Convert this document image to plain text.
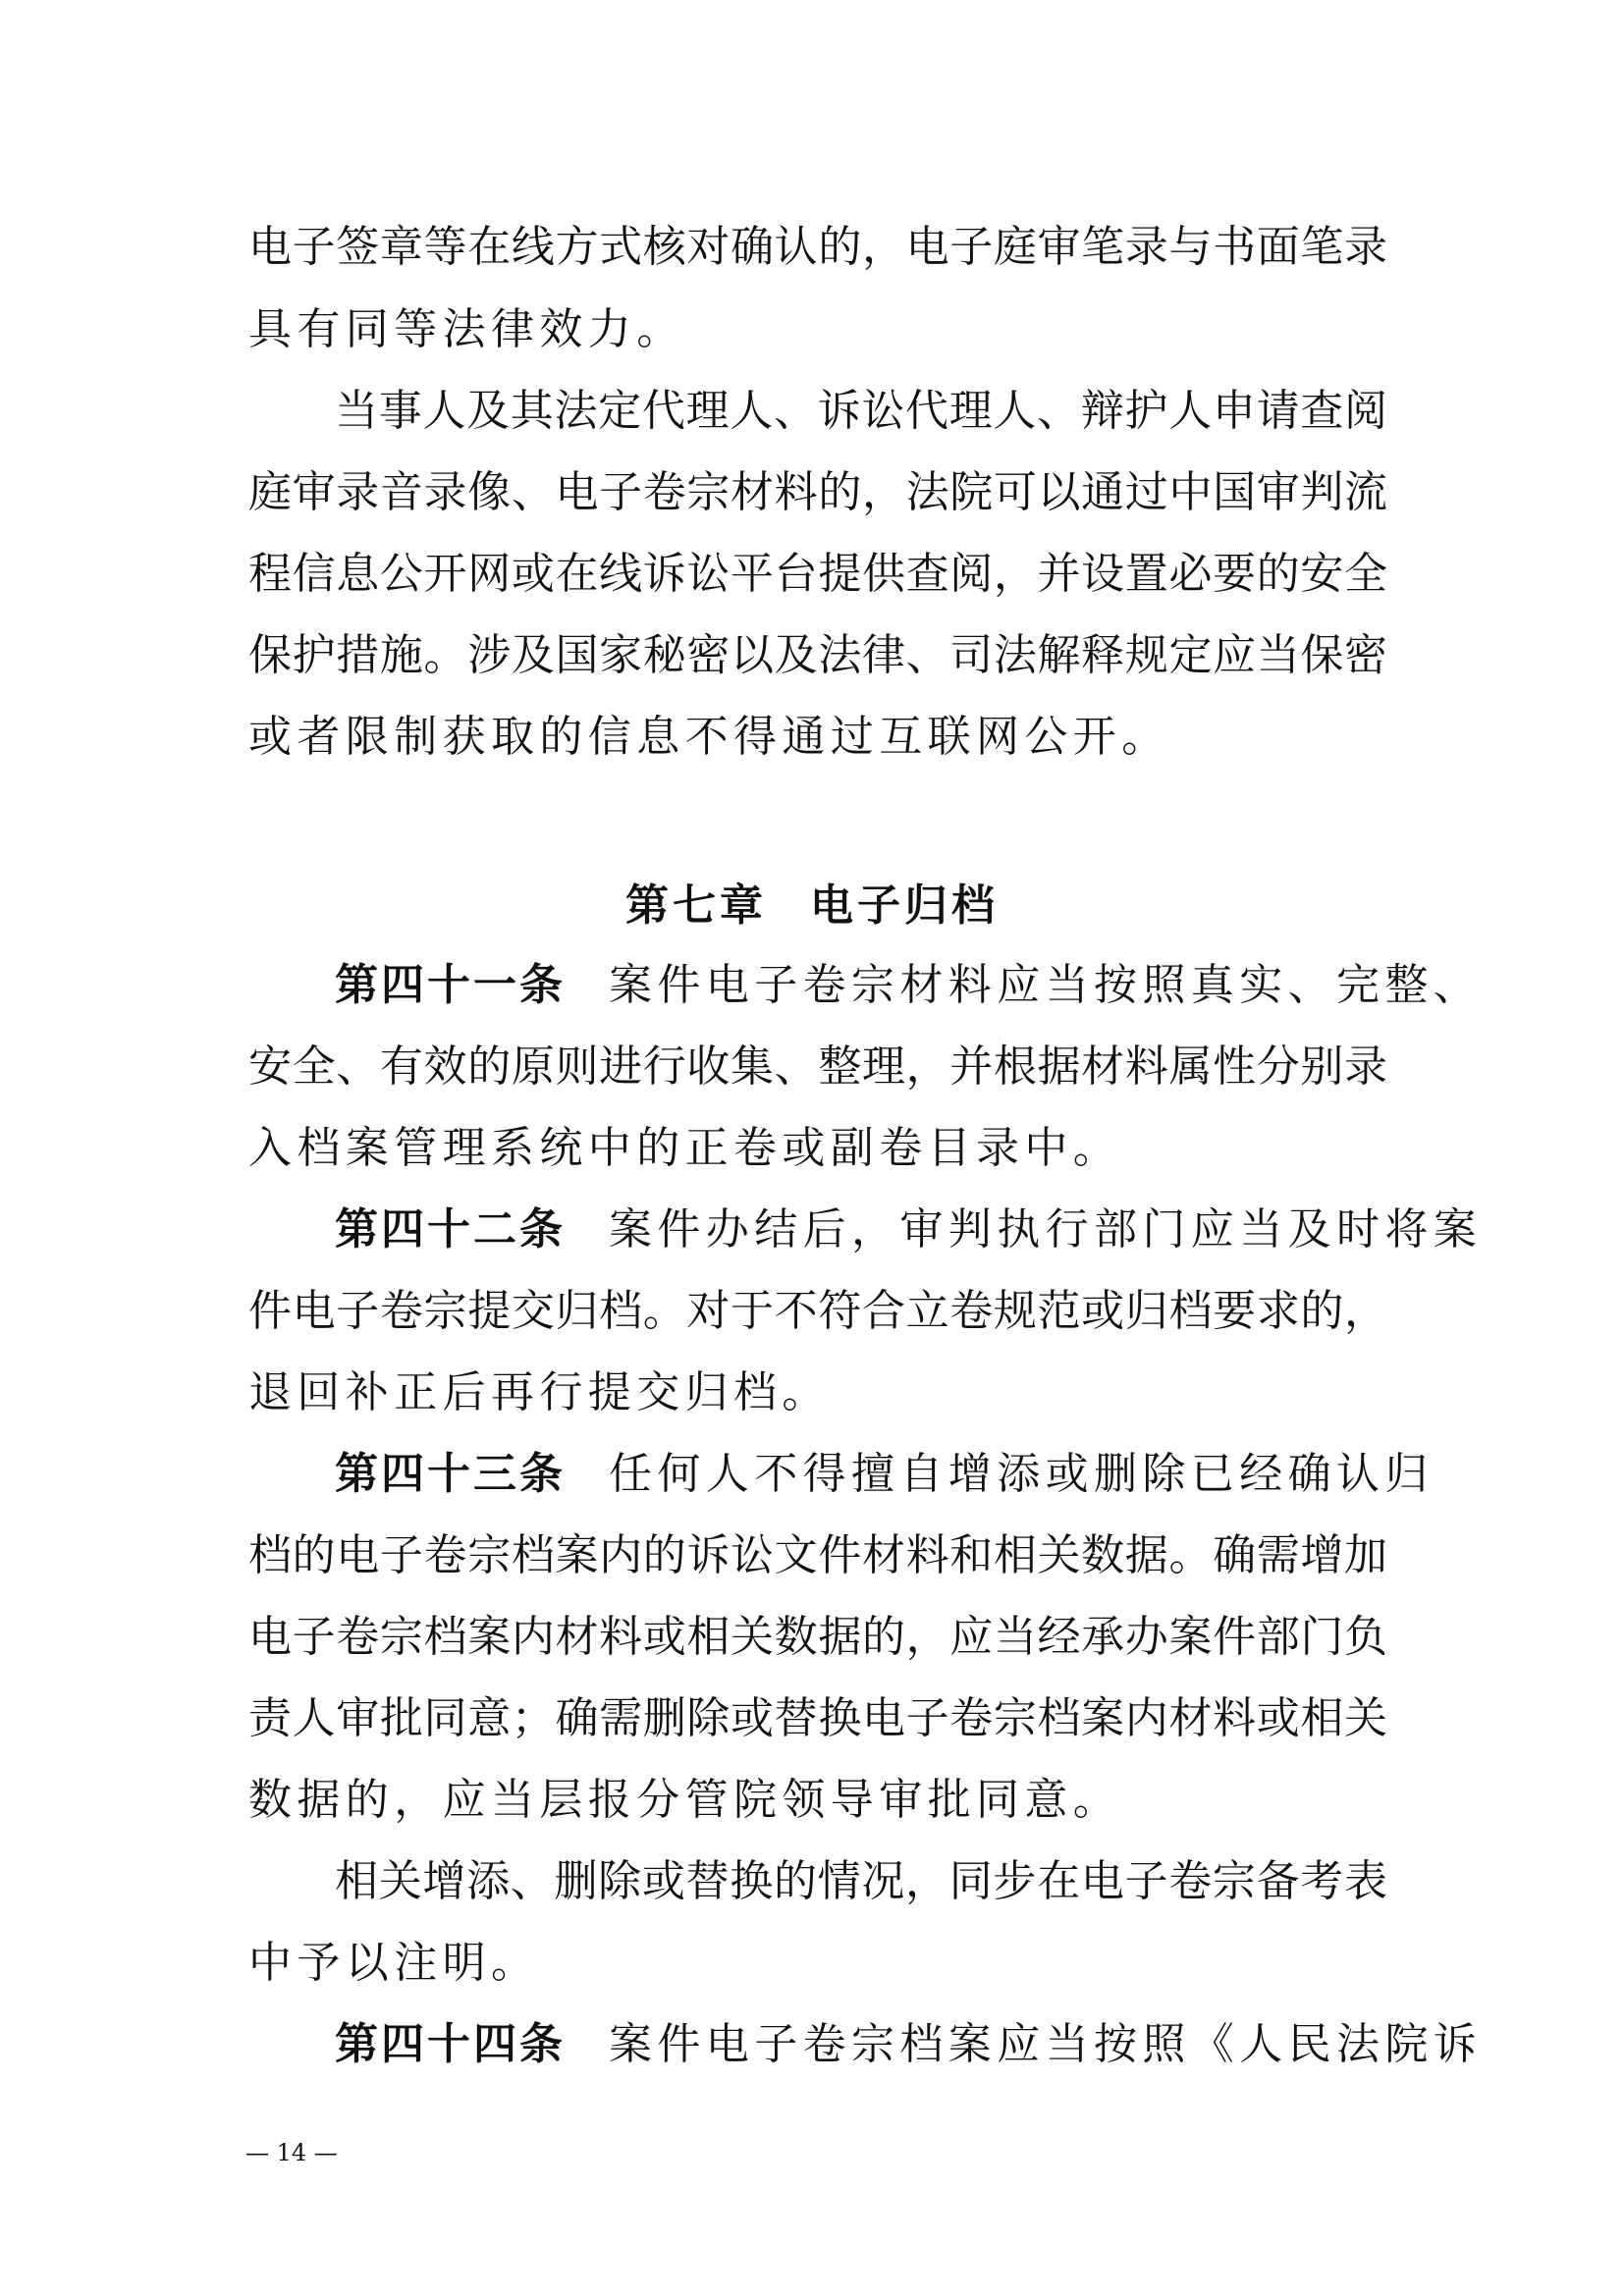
电子签章等在线方式核对确认的，电子庭审笔录与书面笔录
具有同等法律效力。
当事人及其法定代理人、诉讼代理人、辩护人申请查阅
庭审录音录像、电子卷宗材料的，法院可以通过中国审判流
程信息公开网或在线诉讼平台提供查阅，并设置必要的安全
保护措施。涉及国家秘密以及法律、司法解释规定应当保密
或者限制获取的信息不得通过互联网公开。
第七章 电子归档
第四十一条 案件电子卷宗材料应当按照真实、完整、
安全、有效的原则进行收集、整理，并根据材料属性分别录
入档案管理系统中的正卷或副卷目录中。
第四十二条 案件办结后，审判执行部门应当及时将案
件电子卷宗提交归档。对于不符合立卷规范或归档要求的，
退回补正后再行提交归档。
第四十三条 任何人不得擅自增添或删除已经确认归
档的电子卷宗档案内的诉讼文件材料和相关数据。确需增加
电子卷宗档案内材料或相关数据的，应当经承办案件部门负
责人审批同意；确需删除或替换电子卷宗档案内材料或相关
数据的，应当层报分管院领导审批同意。
相关增添、删除或替换的情况，同步在电子卷宗备考表
中予以注明。
第四十四条 案件电子卷宗档案应当按照《人民法院诉
— 14 —
